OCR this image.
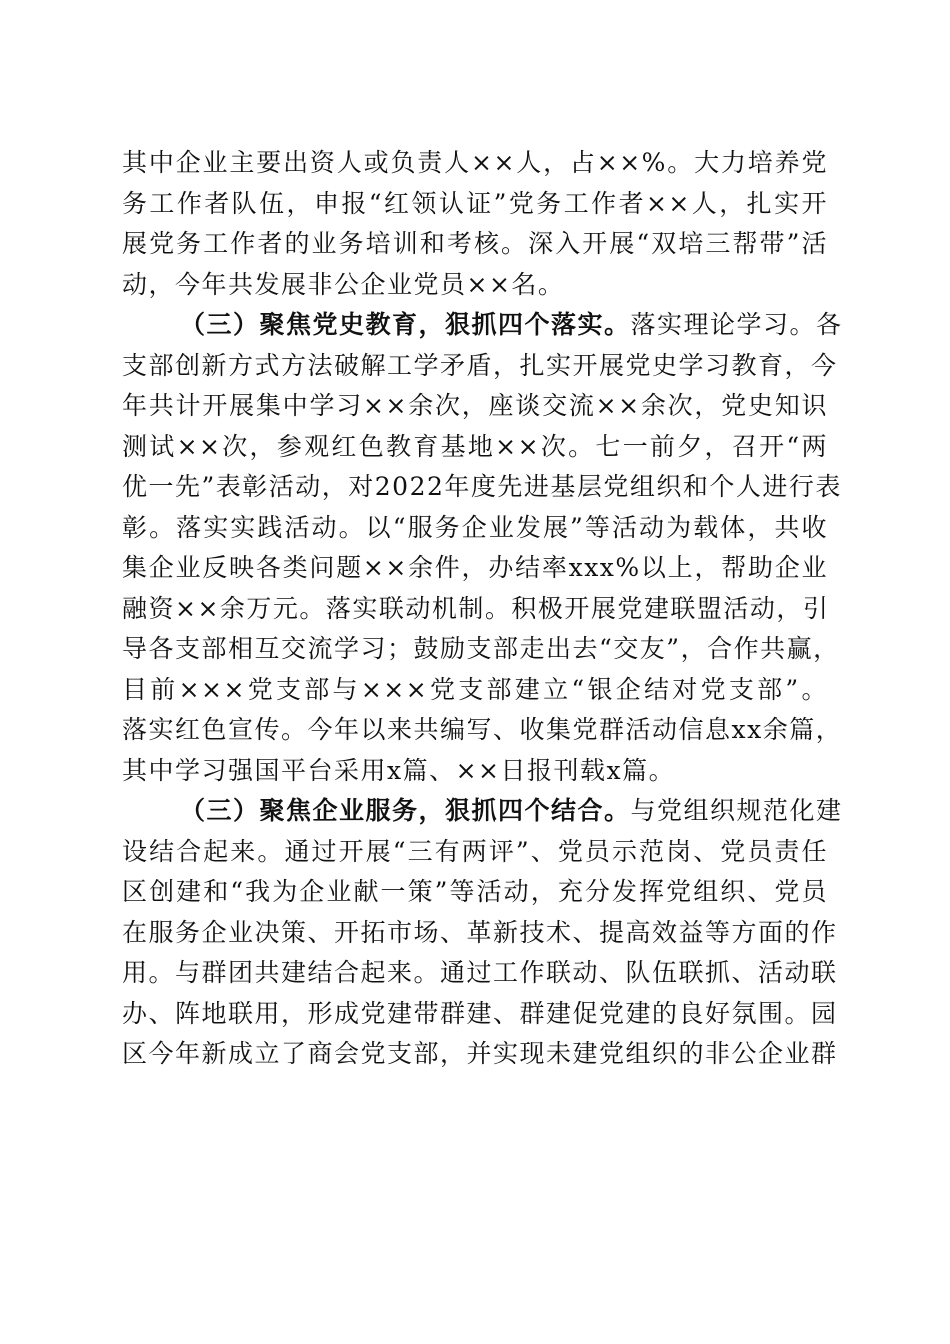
其中企业主要出资人或负责人××人，占××%。大力培养党
务工作者队伍，申报“红领认证”党务工作者××人，扎实开
展党务工作者的业务培训和考核。深入开展“双培三帮带”活
动，今年共发展非公企业党员××名。
（三）聚焦党史教育，狠抓四个落实。落实理论学习。各
支部创新方式方法破解工学矛盾，扎实开展党史学习教育，今
年共计开展集中学习××余次，座谈交流××余次，党史知识
测试××次，参观红色教育基地××次。七一前夕，召开“两
优一先”表彰活动，对2022年度先进基层党组织和个人进行表
彰。落实实践活动。以“服务企业发展”等活动为载体，共收
集企业反映各类问题××余件，办结率xxx%以上，帮助企业
融资××余万元。落实联动机制。积极开展党建联盟活动，引
导各支部相互交流学习；鼓励支部走出去“交友”，合作共赢，
目前×××党支部与×××党支部建立“银企结对党支部”。
落实红色宣传。今年以来共编写、收集党群活动信息xx余篇，
其中学习强国平台采用x篇、××日报刊载x篇。
（三）聚焦企业服务，狠抓四个结合。与党组织规范化建
设结合起来。通过开展“三有两评”、党员示范岗、党员责任
区创建和“我为企业献一策”等活动，充分发挥党组织、党员
在服务企业决策、开拓市场、革新技术、提高效益等方面的作
用。与群团共建结合起来。通过工作联动、队伍联抓、活动联
办、阵地联用，形成党建带群建、群建促党建的良好氛围。园
区今年新成立了商会党支部，并实现未建党组织的非公企业群
